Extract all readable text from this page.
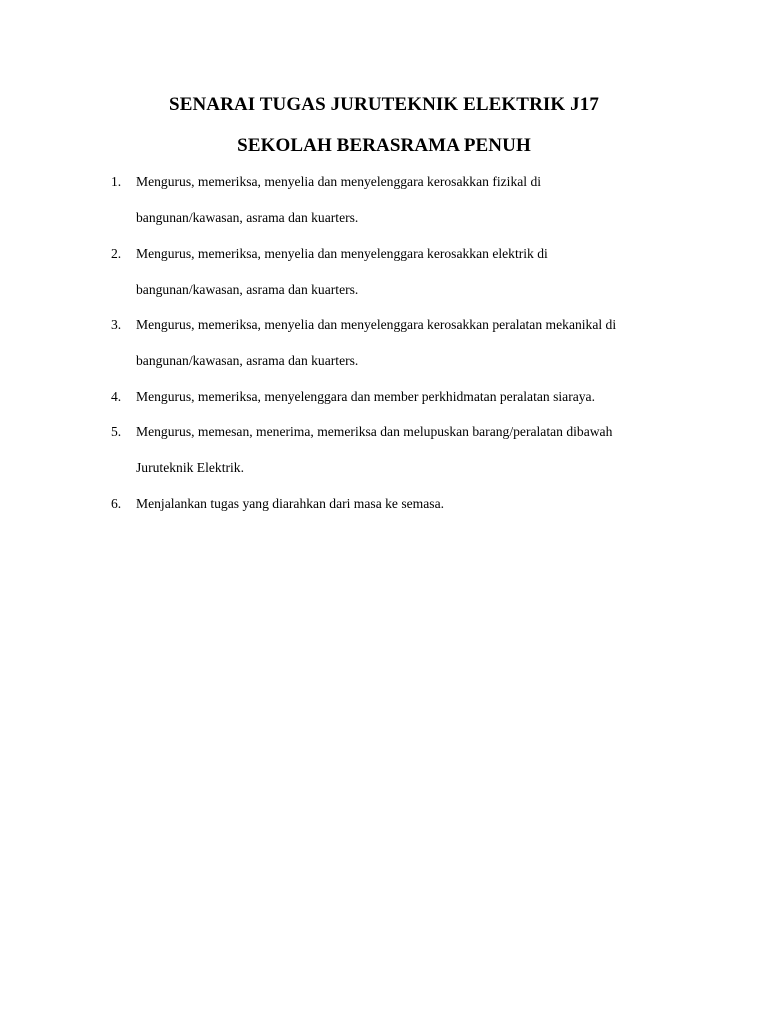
SENARAI TUGAS JURUTEKNIK ELEKTRIK J17
SEKOLAH BERASRAMA PENUH
1. Mengurus, memeriksa, menyelia dan menyelenggara kerosakkan fizikal di
bangunan/kawasan, asrama dan kuarters.
2. Mengurus, memeriksa, menyelia dan menyelenggara kerosakkan elektrik di
bangunan/kawasan, asrama dan kuarters.
3. Mengurus, memeriksa, menyelia dan menyelenggara kerosakkan peralatan mekanikal di
bangunan/kawasan, asrama dan kuarters.
4. Mengurus, memeriksa, menyelenggara dan member perkhidmatan peralatan siaraya.
5. Mengurus, memesan, menerima, memeriksa dan melupuskan barang/peralatan dibawah
Juruteknik Elektrik.
6. Menjalankan tugas yang diarahkan dari masa ke semasa.
